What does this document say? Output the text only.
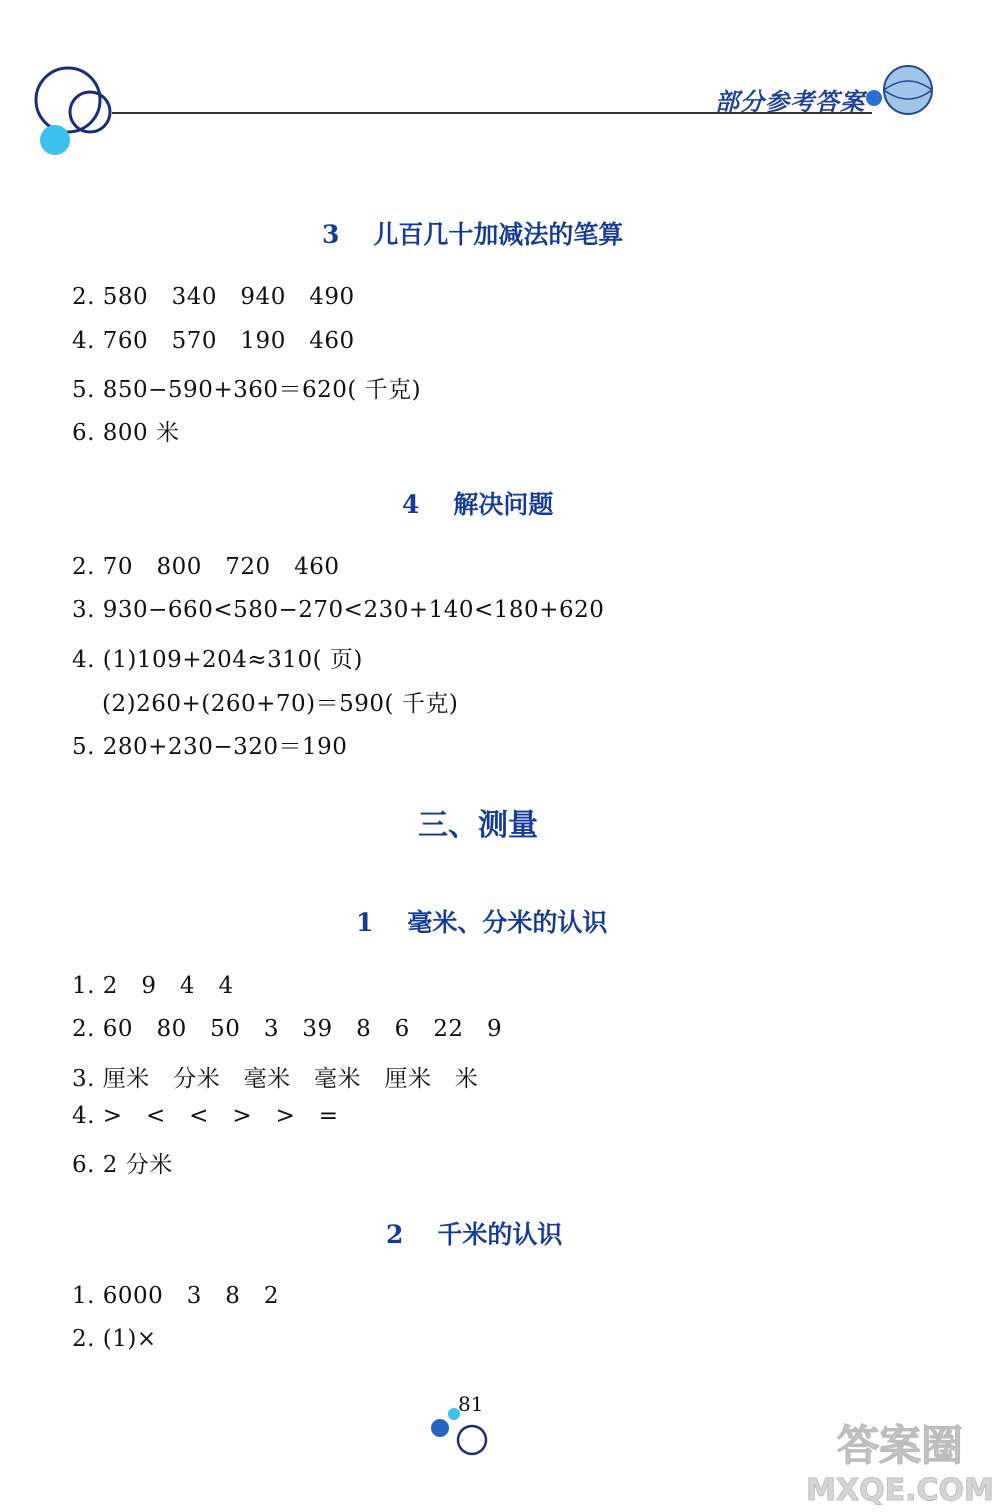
部分参考答案
3 儿百几十加减法的笔算
2. 580   340   940   490
4. 760   570   190   460
5. 850−590+360＝620( 千克)
6. 800 米
4 解决问题
2. 70   800   720   460
3. 930−660<580−270<230+140<180+620
4. (1)109+204≈310( 页)
(2)260+(260+70)＝590( 千克)
5. 280+230−320＝190
三、测量
1 毫米、分米的认识
1. 2   9   4   4
2. 60   80   50   3   39   8   6   22   9
3. 厘米   分米   毫米   毫米   厘米   米
4. >   <   <   >   >   =
6. 2 分米
2 千米的认识
1. 6000   3   8   2
2. (1)×
81
答案圈
MXQE.COM
